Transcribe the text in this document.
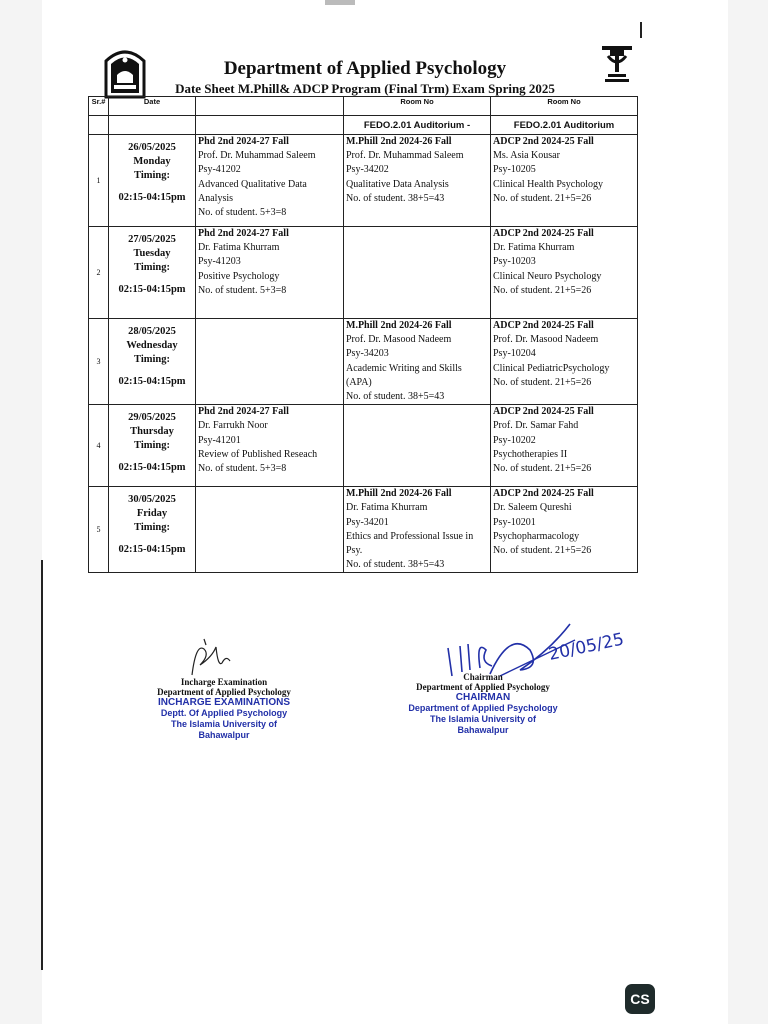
Department of Applied Psychology
Date Sheet M.Phill& ADCP Program (Final Trm) Exam Spring 2025
Sr.#	Date		Room No	Room No
			FEDO.2.01 Auditorium -	FEDO.2.01 Auditorium
1	26/05/2025
Monday
Timing:
02:15-04:15pm	Phd 2nd 2024-27 Fall
Prof. Dr. Muhammad Saleem
Psy-41202
Advanced Qualitative Data Analysis
No. of student. 5+3=8	M.Phill 2nd 2024-26 Fall
Prof. Dr. Muhammad Saleem
Psy-34202
Qualitative Data Analysis
No. of student. 38+5=43	ADCP 2nd 2024-25 Fall
Ms. Asia Kousar
Psy-10205
Clinical Health Psychology
No. of student. 21+5=26

2	27/05/2025
Tuesday
Timing:
02:15-04:15pm	Phd 2nd 2024-27 Fall
Dr. Fatima Khurram
Psy-41203
Positive Psychology
No. of student. 5+3=8		ADCP 2nd 2024-25 Fall
Dr. Fatima Khurram
Psy-10203
Clinical Neuro Psychology
No. of student. 21+5=26

3	28/05/2025
Wednesday
Timing:
02:15-04:15pm		M.Phill 2nd 2024-26 Fall
Prof. Dr. Masood Nadeem
Psy-34203
Academic Writing and Skills (APA)
No. of student. 38+5=43	ADCP 2nd 2024-25 Fall
Prof. Dr. Masood Nadeem
Psy-10204
Clinical PediatricPsychology
No. of student. 21+5=26

4	29/05/2025
Thursday
Timing:
02:15-04:15pm	Phd 2nd 2024-27 Fall
Dr. Farrukh Noor
Psy-41201
Review of Published Reseach
No. of student. 5+3=8		ADCP 2nd 2024-25 Fall
Prof. Dr. Samar Fahd
Psy-10202
Psychotherapies II
No. of student. 21+5=26

5	30/05/2025
Friday
Timing:
02:15-04:15pm		M.Phill 2nd 2024-26 Fall
Dr. Fatima Khurram
Psy-34201
Ethics and Professional Issue in Psy.
No. of student. 38+5=43	ADCP 2nd 2024-25 Fall
Dr. Saleem Qureshi
Psy-10201
Psychopharmacology
No. of student. 21+5=26
Incharge Examination
Department of Applied Psychology
INCHARGE EXAMINATIONS
Deptt. Of Applied Psychology
The Islamia University of Bahawalpur
20/05/25
Chairman
Department of Applied Psychology
CHAIRMAN
Department of Applied Psychology
The Islamia University of Bahawalpur
CS
